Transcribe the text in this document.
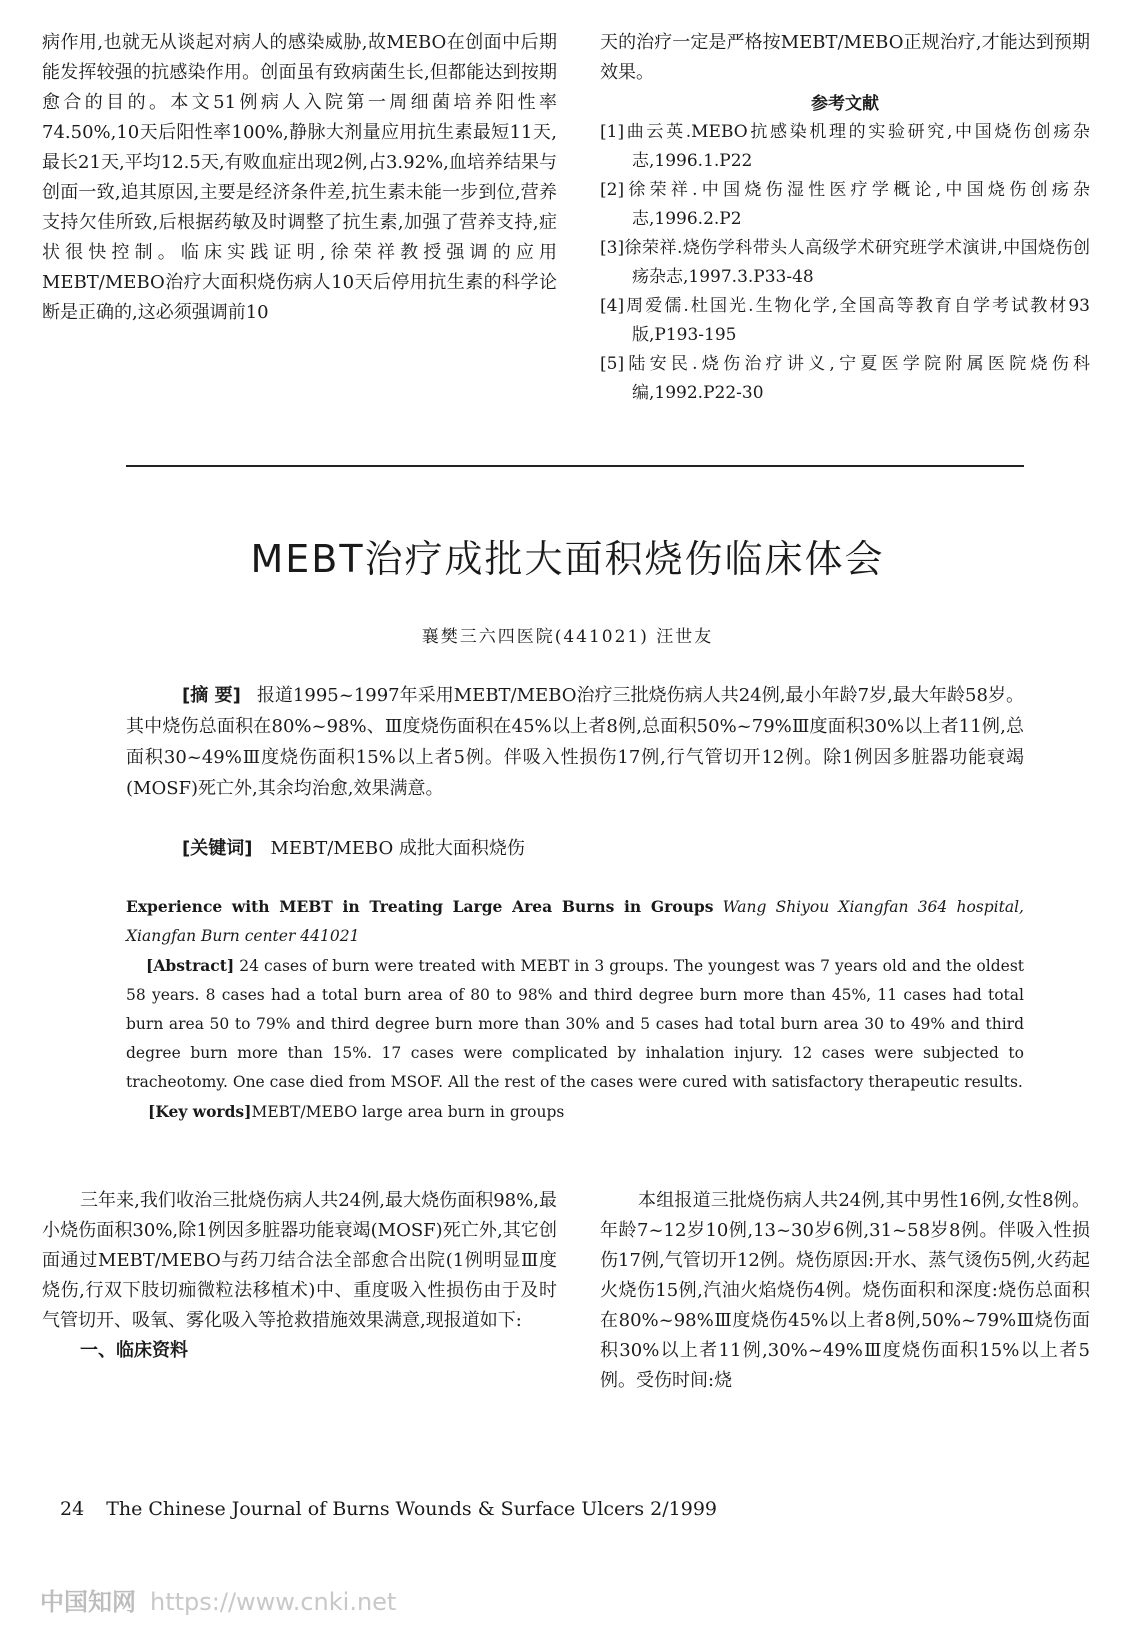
病作用,也就无从谈起对病人的感染威胁,故MEBO在创面中后期能发挥较强的抗感染作用。创面虽有致病菌生长,但都能达到按期愈合的目的。本文51例病人入院第一周细菌培养阳性率74.50%,10天后阳性率100%,静脉大剂量应用抗生素最短11天,最长21天,平均12.5天,有败血症出现2例,占3.92%,血培养结果与创面一致,追其原因,主要是经济条件差,抗生素未能一步到位,营养支持欠佳所致,后根据药敏及时调整了抗生素,加强了营养支持,症状很快控制。临床实践证明,徐荣祥教授强调的应用MEBT/MEBO治疗大面积烧伤病人10天后停用抗生素的科学论断是正确的,这必须强调前10

天的治疗一定是严格按MEBT/MEBO正规治疗,才能达到预期效果。

参考文献

[1]曲云英.MEBO抗感染机理的实验研究,中国烧伤创疡杂志,1996.1.P22
[2]徐荣祥.中国烧伤湿性医疗学概论,中国烧伤创疡杂志,1996.2.P2
[3]徐荣祥.烧伤学科带头人高级学术研究班学术演讲,中国烧伤创疡杂志,1997.3.P33-48
[4]周爱儒.杜国光.生物化学,全国高等教育自学考试教材93版,P193-195
[5]陆安民.烧伤治疗讲义,宁夏医学院附属医院烧伤科编,1992.P22-30
MEBT治疗成批大面积烧伤临床体会

襄樊三六四医院(441021) 汪世友

[摘 要] 报道1995~1997年采用MEBT/MEBO治疗三批烧伤病人共24例,最小年龄7岁,最大年龄58岁。其中烧伤总面积在80%~98%、Ⅲ度烧伤面积在45%以上者8例,总面积50%~79%Ⅲ度面积30%以上者11例,总面积30~49%Ⅲ度烧伤面积15%以上者5例。伴吸入性损伤17例,行气管切开12例。除1例因多脏器功能衰竭(MOSF)死亡外,其余均治愈,效果满意。

[关键词] MEBT/MEBO 成批大面积烧伤

Experience with MEBT in Treating Large Area Burns in Groups Wang Shiyou Xiangfan 364 hospital, Xiangfan Burn center 441021

[Abstract] 24 cases of burn were treated with MEBT in 3 groups. The youngest was 7 years old and the oldest 58 years. 8 cases had a total burn area of 80 to 98% and third degree burn more than 45%, 11 cases had total burn area 50 to 79% and third degree burn more than 30% and 5 cases had total burn area 30 to 49% and third degree burn more than 15%. 17 cases were complicated by inhalation injury. 12 cases were subjected to tracheotomy. One case died from MSOF. All the rest of the cases were cured with satisfactory therapeutic results.

[Key words]MEBT/MEBO large area burn in groups

三年来,我们收治三批烧伤病人共24例,最大烧伤面积98%,最小烧伤面积30%,除1例因多脏器功能衰竭(MOSF)死亡外,其它创面通过MEBT/MEBO与药刀结合法全部愈合出院(1例明显Ⅲ度烧伤,行双下肢切痂微粒法移植术)中、重度吸入性损伤由于及时气管切开、吸氧、雾化吸入等抢救措施效果满意,现报道如下:

一、临床资料

本组报道三批烧伤病人共24例,其中男性16例,女性8例。年龄7~12岁10例,13~30岁6例,31~58岁8例。伴吸入性损伤17例,气管切开12例。烧伤原因:开水、蒸气烫伤5例,火药起火烧伤15例,汽油火焰烧伤4例。烧伤面积和深度:烧伤总面积在80%~98%Ⅲ度烧伤45%以上者8例,50%~79%Ⅲ烧伤面积30%以上者11例,30%~49%Ⅲ度烧伤面积15%以上者5例。受伤时间:烧

24 The Chinese Journal of Burns Wounds & Surface Ulcers 2/1999

中国知网 https://www.cnki.net
